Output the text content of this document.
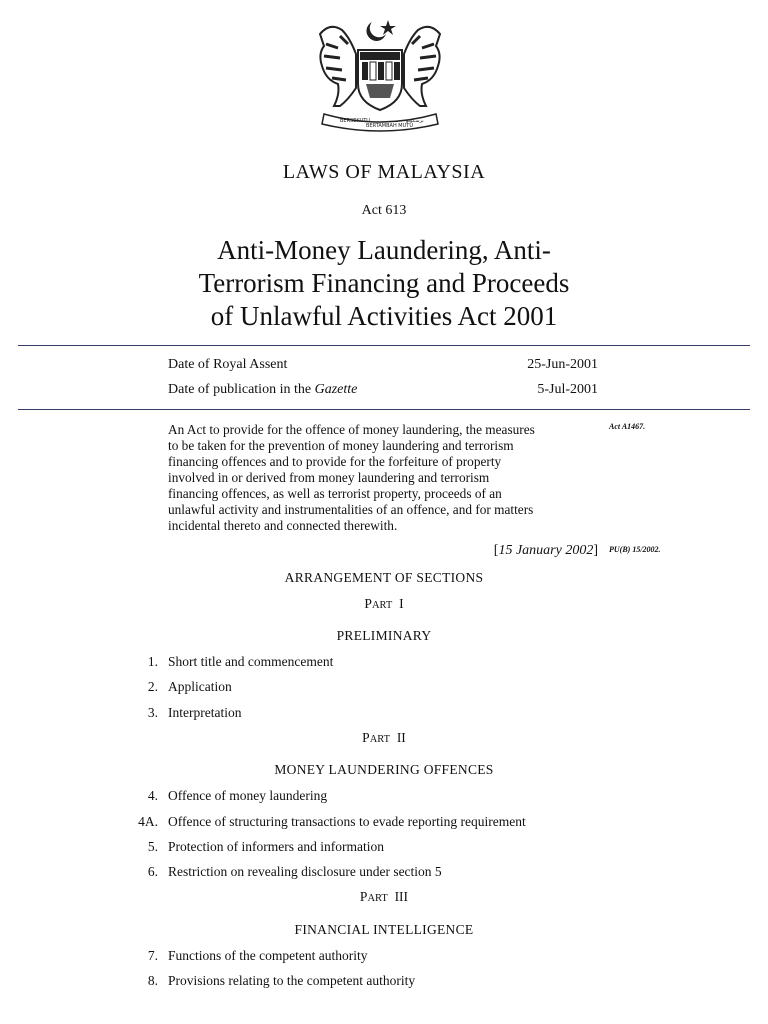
BERSEKUTU
BERTAMBAH MUTU
ﺑﺮﺳﻜﻮﺗﻮ
LAWS OF MALAYSIA
Act 613
Anti-Money Laundering, Anti-
Terrorism Financing and Proceeds
of Unlawful Activities Act 2001
Date of Royal Assent	25-Jun-2001
Date of publication in the Gazette	5-Jul-2001
An Act to provide for the offence of money laundering, the measures
to be taken for the prevention of money laundering and terrorism
financing offences and to provide for the forfeiture of property
involved in or derived from money laundering and terrorism
financing offences, as well as terrorist property, proceeds of an
unlawful activity and instrumentalities of an offence, and for matters
incidental thereto and connected therewith.
Act A1467.
[15 January 2002] PU(B) 15/2002.
ARRANGEMENT OF SECTIONS
PART I
PRELIMINARY
1. Short title and commencement
2. Application
3. Interpretation
PART II
MONEY LAUNDERING OFFENCES
4. Offence of money laundering
4A. Offence of structuring transactions to evade reporting requirement
5. Protection of informers and information
6. Restriction on revealing disclosure under section 5
PART III
FINANCIAL INTELLIGENCE
7. Functions of the competent authority
8. Provisions relating to the competent authority
